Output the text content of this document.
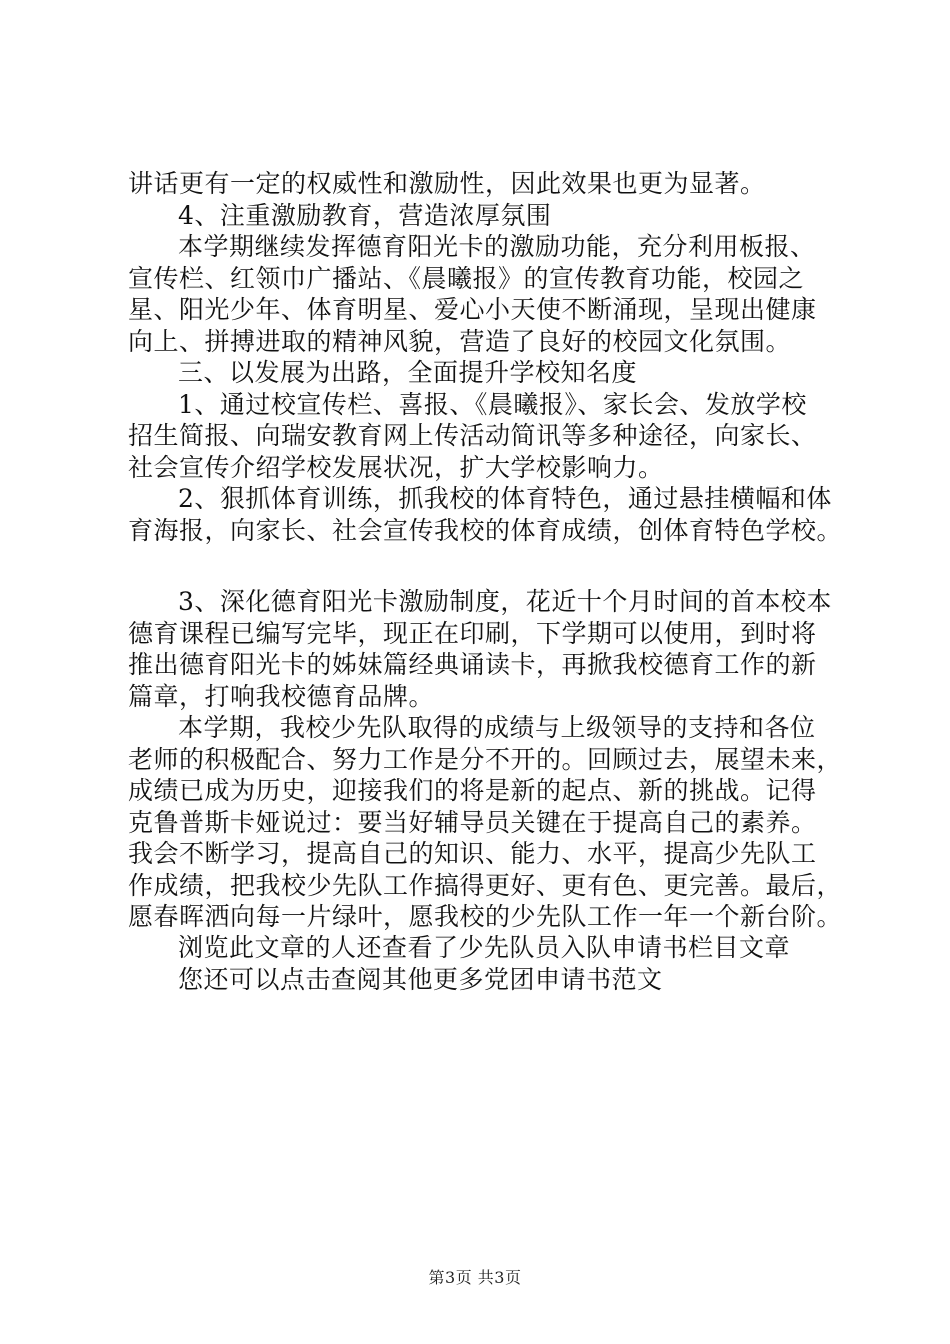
讲话更有一定的权威性和激励性，因此效果也更为显著。
4、注重激励教育，营造浓厚氛围
本学期继续发挥德育阳光卡的激励功能，充分利用板报、
宣传栏、红领巾广播站、《晨曦报》的宣传教育功能，校园之
星、阳光少年、体育明星、爱心小天使不断涌现，呈现出健康
向上、拼搏进取的精神风貌，营造了良好的校园文化氛围。
三、以发展为出路，全面提升学校知名度
1、通过校宣传栏、喜报、《晨曦报》、家长会、发放学校
招生简报、向瑞安教育网上传活动简讯等多种途径，向家长、
社会宣传介绍学校发展状况，扩大学校影响力。
2、狠抓体育训练，抓我校的体育特色，通过悬挂横幅和体
育海报，向家长、社会宣传我校的体育成绩，创体育特色学校。
3、深化德育阳光卡激励制度，花近十个月时间的首本校本
德育课程已编写完毕，现正在印刷，下学期可以使用，到时将
推出德育阳光卡的姊妹篇经典诵读卡，再掀我校德育工作的新
篇章，打响我校德育品牌。
本学期，我校少先队取得的成绩与上级领导的支持和各位
老师的积极配合、努力工作是分不开的。回顾过去，展望未来，
成绩已成为历史，迎接我们的将是新的起点、新的挑战。记得
克鲁普斯卡娅说过：要当好辅导员关键在于提高自己的素养。
我会不断学习，提高自己的知识、能力、水平，提高少先队工
作成绩，把我校少先队工作搞得更好、更有色、更完善。最后，
愿春晖洒向每一片绿叶，愿我校的少先队工作一年一个新台阶。
浏览此文章的人还查看了少先队员入队申请书栏目文章
您还可以点击查阅其他更多党团申请书范文
第3页 共3页
